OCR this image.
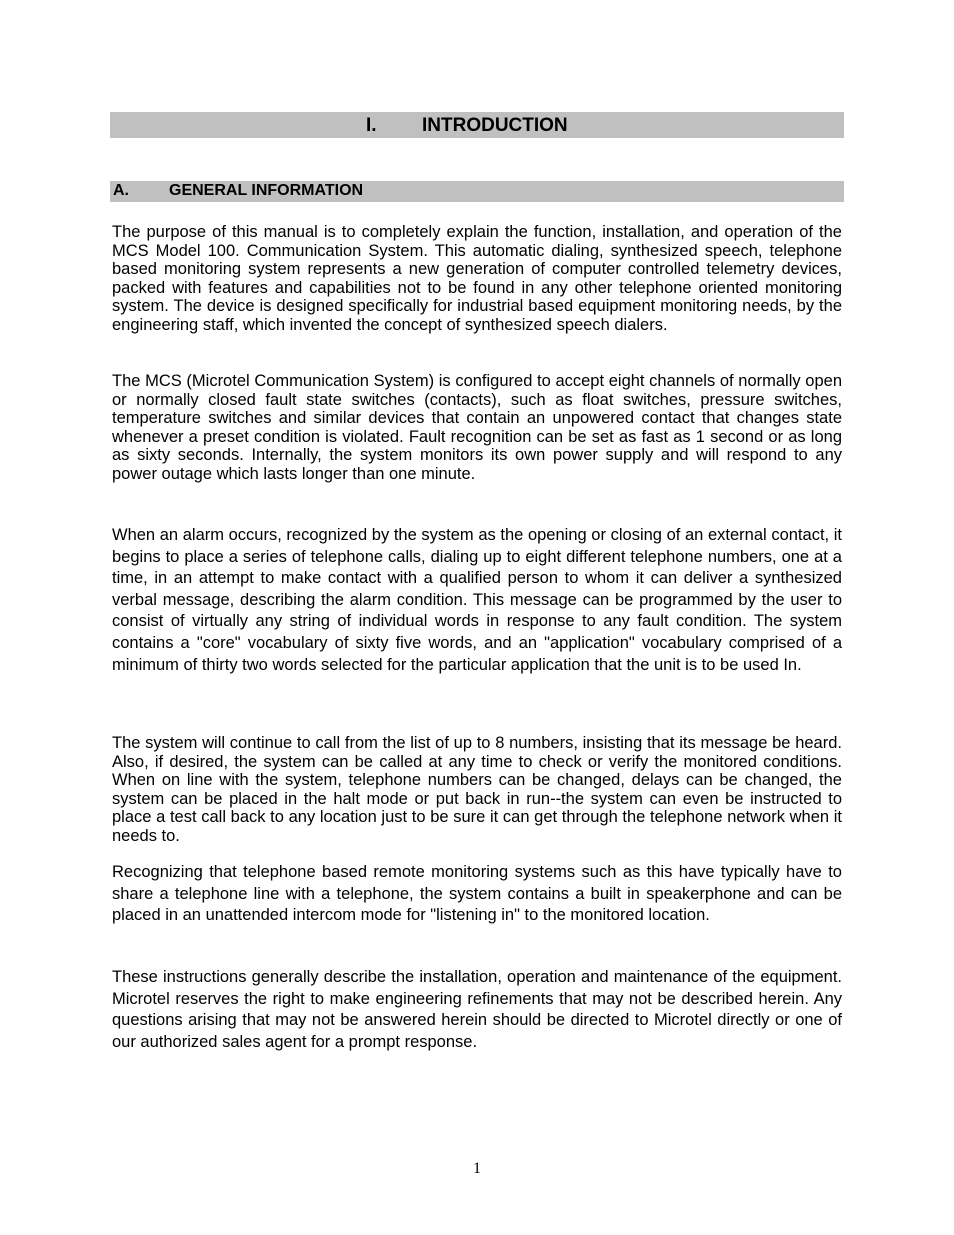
I. INTRODUCTION
A.	GENERAL INFORMATION

The purpose of this manual is to completely explain the function, installation, and operation of the MCS Model 100. Communication System. This automatic dialing, synthesized speech, telephone based monitoring system represents a new generation of computer controlled telemetry devices, packed with features and capabilities not to be found in any other telephone oriented monitoring system. The device is designed specifically for industrial based equipment monitoring needs, by the engineering staff, which invented the concept of synthesized speech dialers.

The MCS (Microtel Communication System) is configured to accept eight channels of normally open or normally closed fault state switches (contacts), such as float switches, pressure switches, temperature switches and similar devices that contain an unpowered contact that changes state whenever a preset condition is violated. Fault recognition can be set as fast as 1 second or as long as sixty seconds. Internally, the system monitors its own power supply and will respond to any power outage which lasts longer than one minute.

When an alarm occurs, recognized by the system as the opening or closing of an external contact, it begins to place a series of telephone calls, dialing up to eight different telephone numbers, one at a time, in an attempt to make contact with a qualified person to whom it can deliver a synthesized verbal message, describing the alarm condition. This message can be programmed by the user to consist of virtually any string of individual words in response to any fault condition. The system contains a "core" vocabulary of sixty five words, and an "application" vocabulary comprised of a minimum of thirty two words selected for the particular application that the unit is to be used In.

The system will continue to call from the list of up to 8 numbers, insisting that its message be heard. Also, if desired, the system can be called at any time to check or verify the monitored conditions. When on line with the system, telephone numbers can be changed, delays can be changed, the system can be placed in the halt mode or put back in run--the system can even be instructed to place a test call back to any location just to be sure it can get through the telephone network when it needs to.

Recognizing that telephone based remote monitoring systems such as this have typically have to share a telephone line with a telephone, the system contains a built in speakerphone and can be placed in an unattended intercom mode for "listening in" to the monitored location.

These instructions generally describe the installation, operation and maintenance of the equipment. Microtel reserves the right to make engineering refinements that may not be described herein. Any questions arising that may not be answered herein should be directed to Microtel directly or one of our authorized sales agent for a prompt response.

1
